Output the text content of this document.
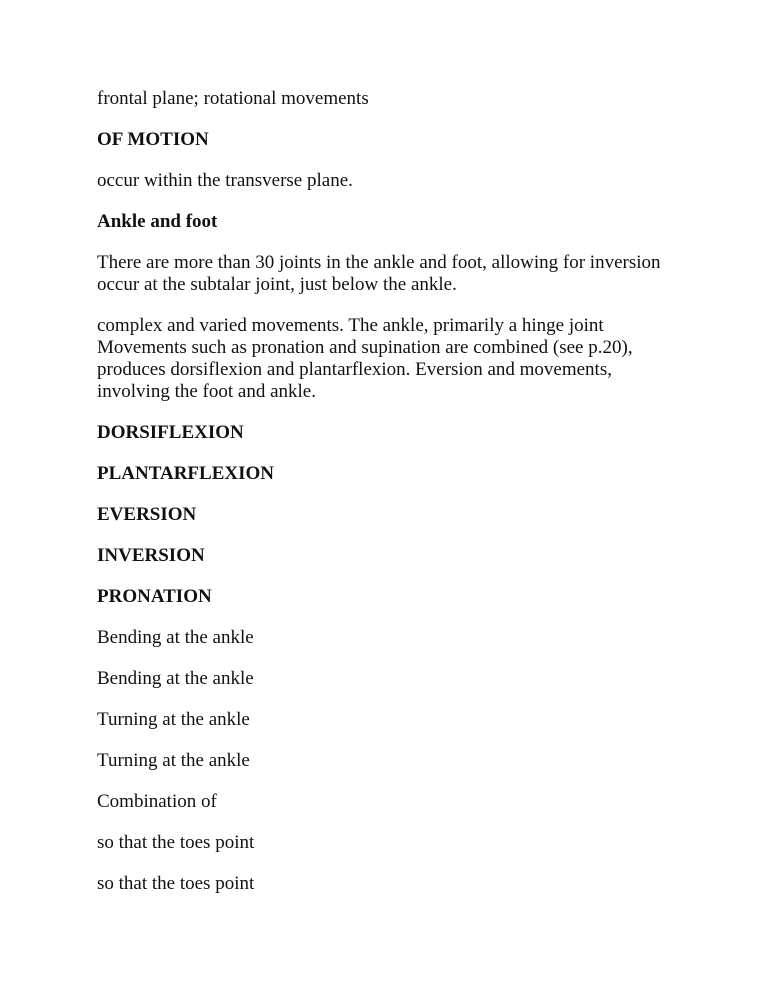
frontal plane; rotational movements

OF MOTION

occur within the transverse plane.

Ankle and foot

There are more than 30 joints in the ankle and foot, allowing for inversion

occur at the subtalar joint, just below the ankle.

complex and varied movements. The ankle, primarily a hinge joint

Movements such as pronation and supination are combined (see p.20),

produces dorsiflexion and plantarflexion. Eversion and movements,

involving the foot and ankle.

DORSIFLEXION

PLANTARFLEXION

EVERSION

INVERSION

PRONATION

Bending at the ankle

Bending at the ankle

Turning at the ankle

Turning at the ankle

Combination of

so that the toes point

so that the toes point
